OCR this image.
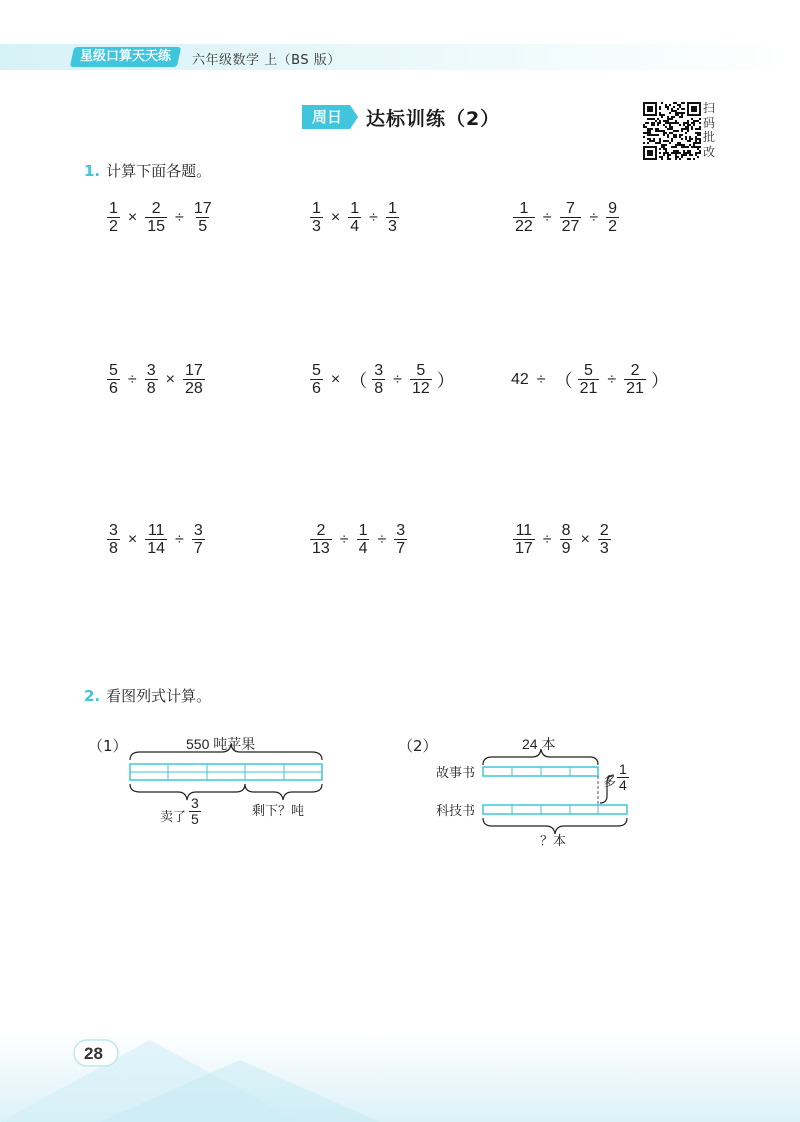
星级口算天天练	六年级数学 上（BS 版）
周日	达标训练（2）	扫码批改
1. 计算下面各题。
$\frac{1}{2} \times \frac{2}{15} \div \frac{17}{5}$	$\frac{1}{3} \times \frac{1}{4} \div \frac{1}{3}$	$\frac{1}{22} \div \frac{7}{27} \div \frac{9}{2}$
$\frac{5}{6} \div \frac{3}{8} \times \frac{17}{28}$	$\frac{5}{6}$ × （ $\frac{3}{8} \div \frac{5}{12}$ ）	42 ÷ （ $\frac{5}{21} \div \frac{2}{21}$ ）
$\frac{3}{8} \times \frac{11}{14} \div \frac{3}{7}$	$\frac{2}{13} \div \frac{1}{4} \div \frac{3}{7}$	$\frac{11}{17} \div \frac{8}{9} \times \frac{2}{3}$
2. 看图列式计算。
（1）	550 吨苹果
卖了 $\frac{3}{5}$	剩下？吨
（2）	24 本
故事书
科技书
多 $\frac{1}{4}$
？本
28
